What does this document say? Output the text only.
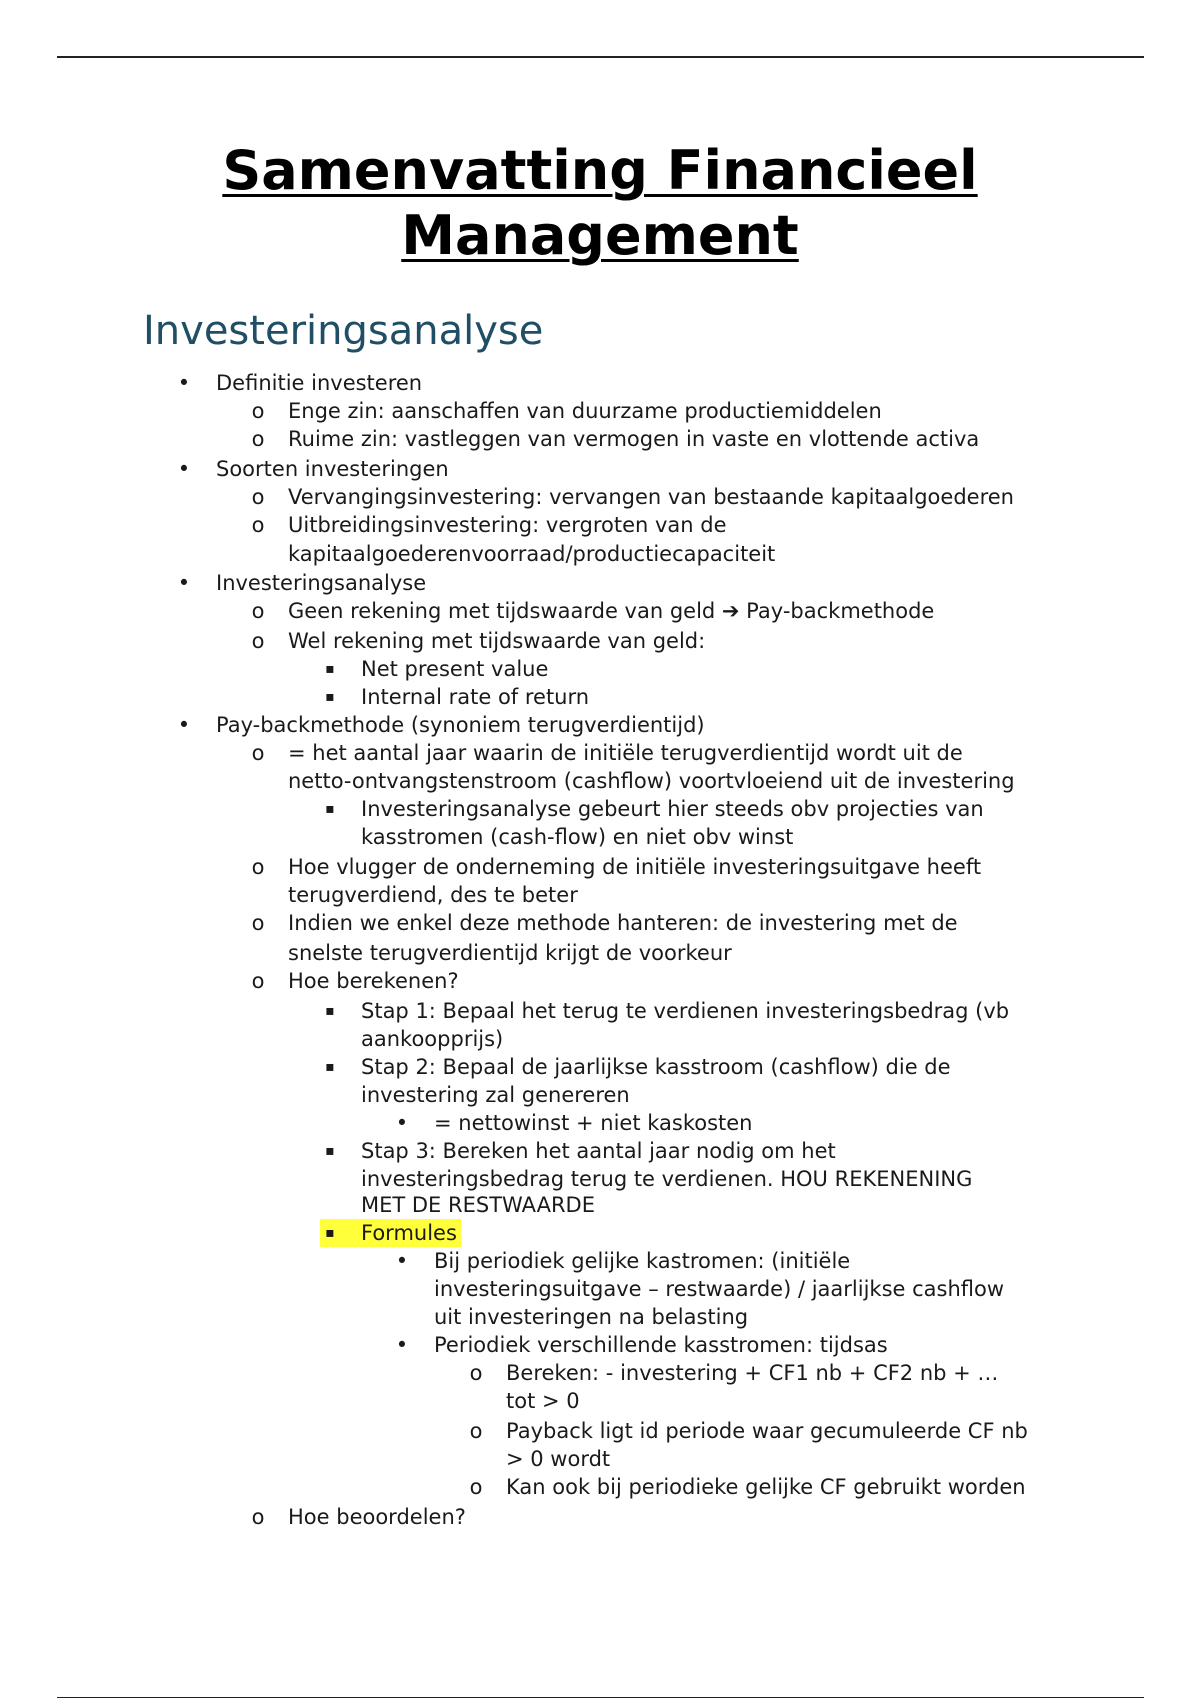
Samenvatting Financieel
Management
Investeringsanalyse
• Definitie investeren
o Enge zin: aanschaffen van duurzame productiemiddelen
o Ruime zin: vastleggen van vermogen in vaste en vlottende activa
• Soorten investeringen
o Vervangingsinvestering: vervangen van bestaande kapitaalgoederen
o Uitbreidingsinvestering: vergroten van de
kapitaalgoederenvoorraad/productiecapaciteit
• Investeringsanalyse
o Geen rekening met tijdswaarde van geld ➔ Pay-backmethode
o Wel rekening met tijdswaarde van geld:
▪ Net present value
▪ Internal rate of return
• Pay-backmethode (synoniem terugverdientijd)
o = het aantal jaar waarin de initiële terugverdientijd wordt uit de
netto-ontvangstenstroom (cashflow) voortvloeiend uit de investering
▪ Investeringsanalyse gebeurt hier steeds obv projecties van
kasstromen (cash-flow) en niet obv winst
o Hoe vlugger de onderneming de initiële investeringsuitgave heeft
terugverdiend, des te beter
o Indien we enkel deze methode hanteren: de investering met de
snelste terugverdientijd krijgt de voorkeur
o Hoe berekenen?
▪ Stap 1: Bepaal het terug te verdienen investeringsbedrag (vb
aankoopprijs)
▪ Stap 2: Bepaal de jaarlijkse kasstroom (cashflow) die de
investering zal genereren
• = nettowinst + niet kaskosten
▪ Stap 3: Bereken het aantal jaar nodig om het
investeringsbedrag terug te verdienen. HOU REKENENING
MET DE RESTWAARDE
▪	Formules
• Bij periodiek gelijke kastromen: (initiële
investeringsuitgave – restwaarde) / jaarlijkse cashflow
uit investeringen na belasting
• Periodiek verschillende kasstromen: tijdsas
o Bereken: - investering + CF1 nb + CF2 nb + …
tot > 0
o Payback ligt id periode waar gecumuleerde CF nb
> 0 wordt
o Kan ook bij periodieke gelijke CF gebruikt worden
o Hoe beoordelen?
